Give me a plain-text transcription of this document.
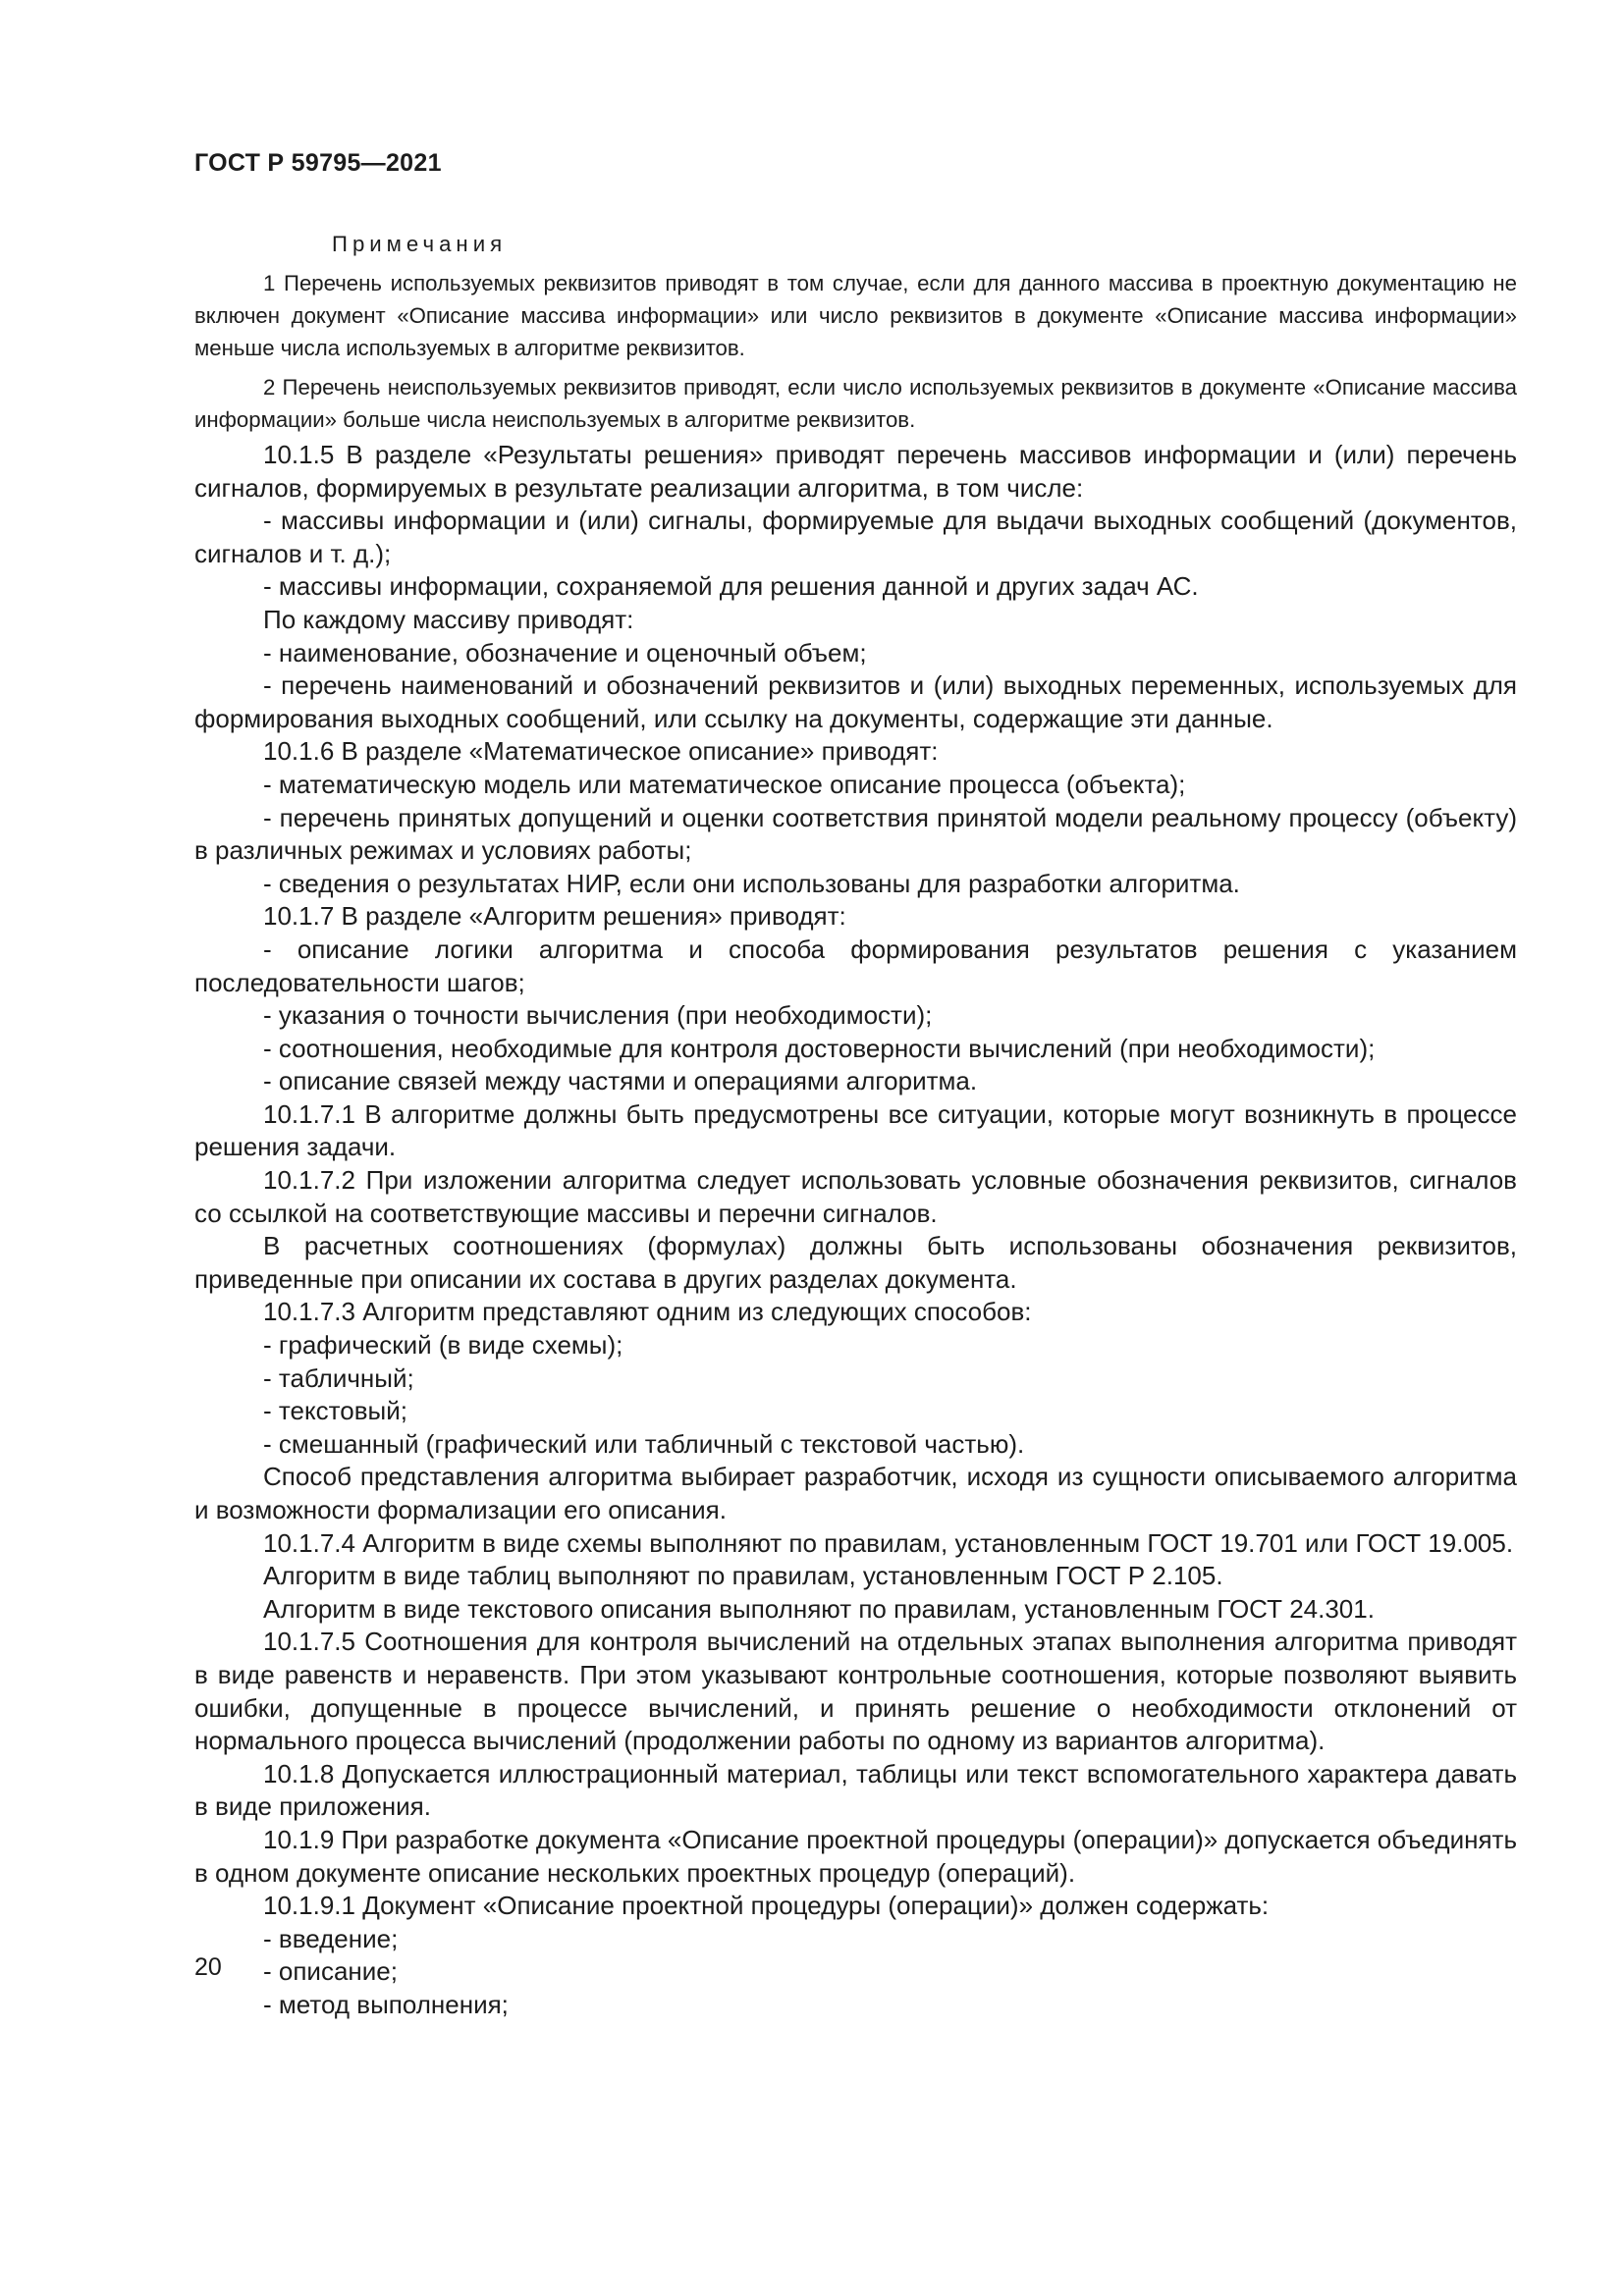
ГОСТ Р 59795—2021

Примечания

1 Перечень используемых реквизитов приводят в том случае, если для данного массива в проектную документацию не включен документ «Описание массива информации» или число реквизитов в документе «Описание массива информации» меньше числа используемых в алгоритме реквизитов.

2 Перечень неиспользуемых реквизитов приводят, если число используемых реквизитов в документе «Описание массива информации» больше числа неиспользуемых в алгоритме реквизитов.

10.1.5 В разделе «Результаты решения» приводят перечень массивов информации и (или) перечень сигналов, формируемых в результате реализации алгоритма, в том числе:

- массивы информации и (или) сигналы, формируемые для выдачи выходных сообщений (документов, сигналов и т. д.);

- массивы информации, сохраняемой для решения данной и других задач АС.

По каждому массиву приводят:

- наименование, обозначение и оценочный объем;

- перечень наименований и обозначений реквизитов и (или) выходных переменных, используемых для формирования выходных сообщений, или ссылку на документы, содержащие эти данные.

10.1.6 В разделе «Математическое описание» приводят:

- математическую модель или математическое описание процесса (объекта);

- перечень принятых допущений и оценки соответствия принятой модели реальному процессу (объекту) в различных режимах и условиях работы;

- сведения о результатах НИР, если они использованы для разработки алгоритма.

10.1.7 В разделе «Алгоритм решения» приводят:

- описание логики алгоритма и способа формирования результатов решения с указанием последовательности шагов;

- указания о точности вычисления (при необходимости);

- соотношения, необходимые для контроля достоверности вычислений (при необходимости);

- описание связей между частями и операциями алгоритма.

10.1.7.1 В алгоритме должны быть предусмотрены все ситуации, которые могут возникнуть в процессе решения задачи.

10.1.7.2 При изложении алгоритма следует использовать условные обозначения реквизитов, сигналов со ссылкой на соответствующие массивы и перечни сигналов.

В расчетных соотношениях (формулах) должны быть использованы обозначения реквизитов, приведенные при описании их состава в других разделах документа.

10.1.7.3 Алгоритм представляют одним из следующих способов:

- графический (в виде схемы);

- табличный;

- текстовый;

- смешанный (графический или табличный с текстовой частью).

Способ представления алгоритма выбирает разработчик, исходя из сущности описываемого алгоритма и возможности формализации его описания.

10.1.7.4 Алгоритм в виде схемы выполняют по правилам, установленным ГОСТ 19.701 или ГОСТ 19.005.

Алгоритм в виде таблиц выполняют по правилам, установленным ГОСТ Р 2.105.

Алгоритм в виде текстового описания выполняют по правилам, установленным ГОСТ 24.301.

10.1.7.5 Соотношения для контроля вычислений на отдельных этапах выполнения алгоритма приводят в виде равенств и неравенств. При этом указывают контрольные соотношения, которые позволяют выявить ошибки, допущенные в процессе вычислений, и принять решение о необходимости отклонений от нормального процесса вычислений (продолжении работы по одному из вариантов алгоритма).

10.1.8 Допускается иллюстрационный материал, таблицы или текст вспомогательного характера давать в виде приложения.

10.1.9 При разработке документа «Описание проектной процедуры (операции)» допускается объединять в одном документе описание нескольких проектных процедур (операций).

10.1.9.1 Документ «Описание проектной процедуры (операции)» должен содержать:

- введение;

- описание;

- метод выполнения;

20
